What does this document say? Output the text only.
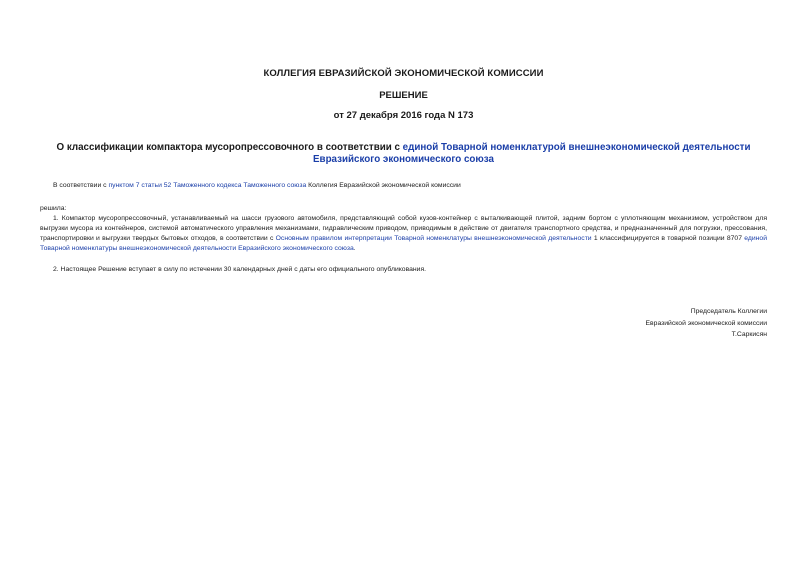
КОЛЛЕГИЯ ЕВРАЗИЙСКОЙ ЭКОНОМИЧЕСКОЙ КОМИССИИ
РЕШЕНИЕ
от 27 декабря 2016 года N 173
О классификации компактора мусоропрессовочного в соответствии с единой Товарной номенклатурой внешнеэкономической деятельности Евразийского экономического союза
В соответствии с пунктом 7 статьи 52 Таможенного кодекса Таможенного союза Коллегия Евразийской экономической комиссии
решила:
1. Компактор мусоропрессовочный, устанавливаемый на шасси грузового автомобиля, представляющий собой кузов-контейнер с выталкивающей плитой, задним бортом с уплотняющим механизмом, устройством для выгрузки мусора из контейнеров, системой автоматического управления механизмами, гидравлическим приводом, приводимым в действие от двигателя транспортного средства, и предназначенный для погрузки, прессования, транспортировки и выгрузки твердых бытовых отходов, в соответствии с Основным правилом интерпретации Товарной номенклатуры внешнеэкономической деятельности 1 классифицируется в товарной позиции 8707 единой Товарной номенклатуры внешнеэкономической деятельности Евразийского экономического союза.
2. Настоящее Решение вступает в силу по истечении 30 календарных дней с даты его официального опубликования.
Председатель Коллегии
Евразийской экономической комиссии
Т.Саркисян
